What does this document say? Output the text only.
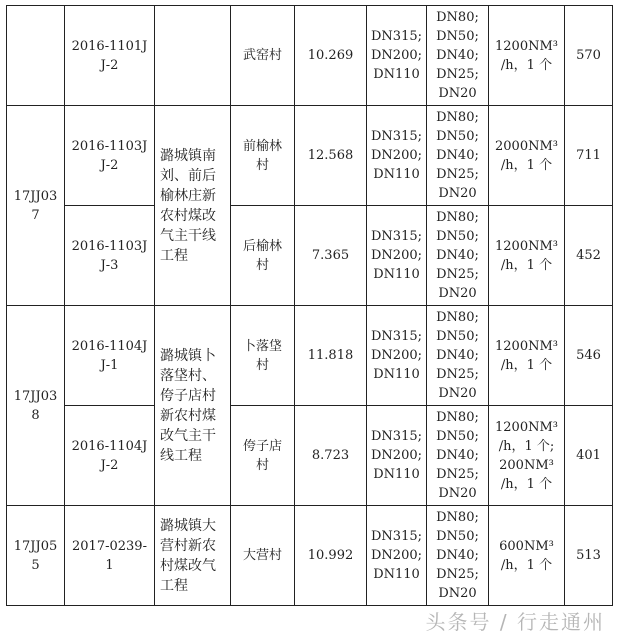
	2016-1101J
J-2		武窑村	10.269	DN315;
DN200;
DN110	DN80;
DN50;
DN40;
DN25;
DN20	1200NM³
/h，1 个	570
17JJ03
7	2016-1103J
J-2	潞城镇南刘、前后榆林庄新农村煤改气主干线工程	前榆林
村	12.568	DN315;
DN200;
DN110	DN80;
DN50;
DN40;
DN25;
DN20	2000NM³
/h，1 个	711
	2016-1103J
J-3		后榆林
村	7.365	DN315;
DN200;
DN110	DN80;
DN50;
DN40;
DN25;
DN20	1200NM³
/h，1 个	452
17JJ03
8	2016-1104J
J-1	潞城镇卜落垡村、侉子店村新农村煤改气主干线工程	卜落垡
村	11.818	DN315;
DN200;
DN110	DN80;
DN50;
DN40;
DN25;
DN20	1200NM³
/h，1 个	546
	2016-1104J
J-2		侉子店
村	8.723	DN315;
DN200;
DN110	DN80;
DN50;
DN40;
DN25;
DN20	1200NM³
/h，1 个;
200NM³
/h，1 个	401
17JJ05
5	2017-0239-
1	潞城镇大营村新农村煤改气工程	大营村	10.992	DN315;
DN200;
DN110	DN80;
DN50;
DN40;
DN25;
DN20	600NM³
/h，1 个	513
头条号 / 行走通州
